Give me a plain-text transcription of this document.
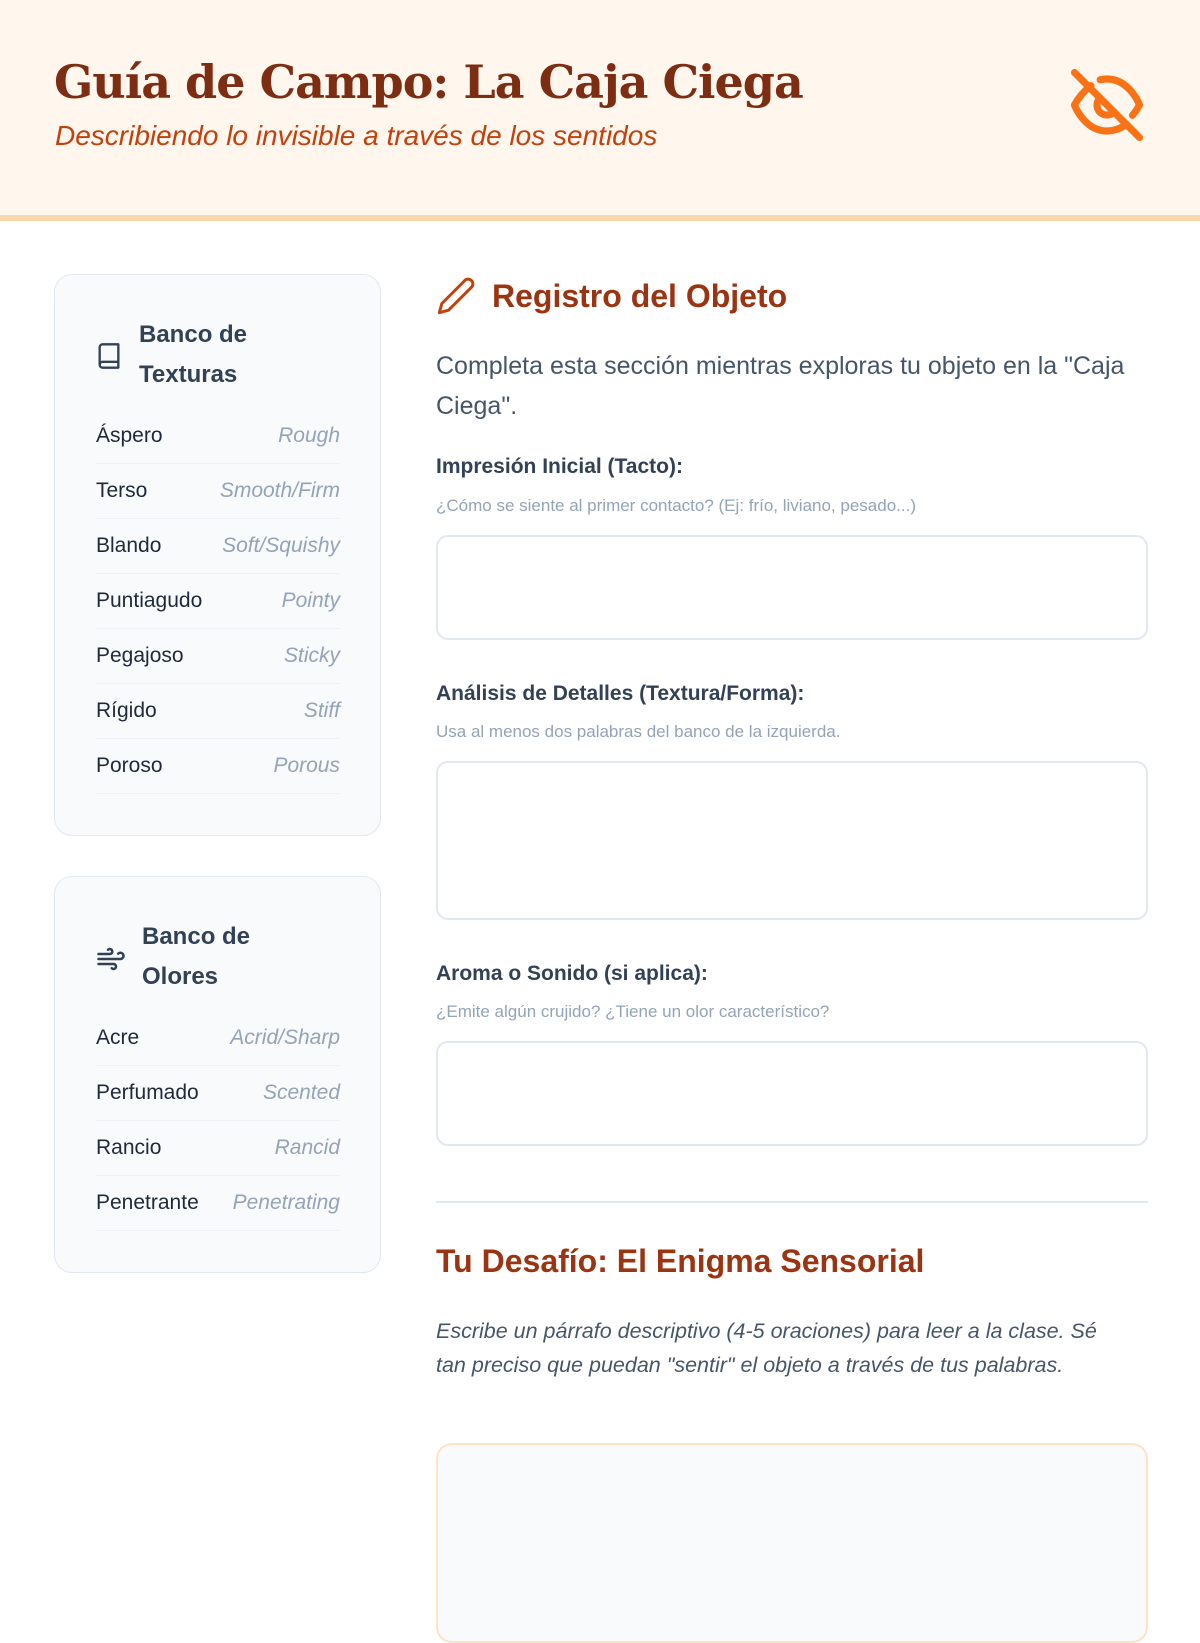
Guía de Campo: La Caja Ciega
Describiendo lo invisible a través de los sentidos
Banco de Texturas
Áspero	Rough
Terso	Smooth/Firm
Blando	Soft/Squishy
Puntiagudo	Pointy
Pegajoso	Sticky
Rígido	Stiff
Poroso	Porous
Banco de Olores
Acre	Acrid/Sharp
Perfumado	Scented
Rancio	Rancid
Penetrante Penetrating
Registro del Objeto
Completa esta sección mientras exploras tu objeto en la "Caja Ciega".
Impresión Inicial (Tacto):
¿Cómo se siente al primer contacto? (Ej: frío, liviano, pesado...)
Análisis de Detalles (Textura/Forma):
Usa al menos dos palabras del banco de la izquierda.
Aroma o Sonido (si aplica):
¿Emite algún crujido? ¿Tiene un olor característico?
Tu Desafío: El Enigma Sensorial
Escribe un párrafo descriptivo (4-5 oraciones) para leer a la clase. Sé tan preciso que puedan "sentir" el objeto a través de tus palabras.
